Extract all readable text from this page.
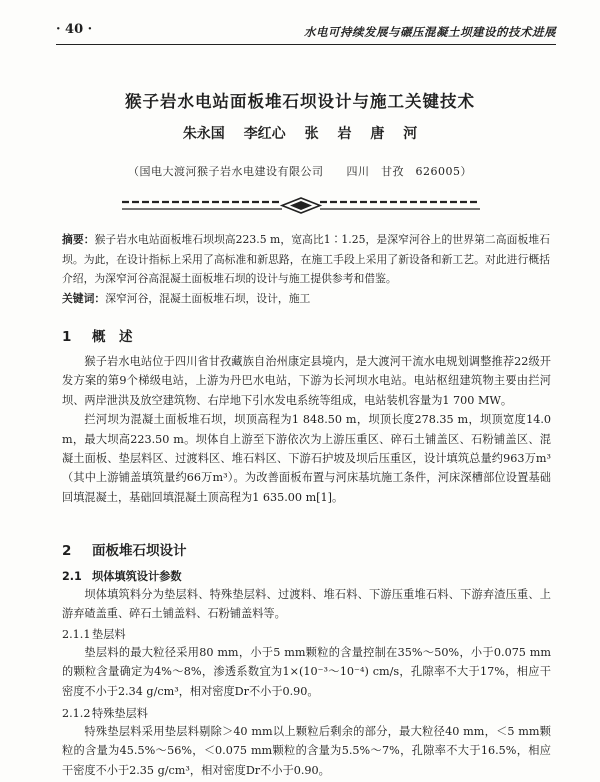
· 40 ·	水电可持续发展与碾压混凝土坝建设的技术进展
猴子岩水电站面板堆石坝设计与施工关键技术
朱永国 李红心 张 岩 唐 河
（国电大渡河猴子岩水电建设有限公司　　四川　甘孜　626005）

摘要：猴子岩水电站面板堆石坝坝高223.5 m，宽高比1∶1.25，是深窄河谷上的世界第二高面板堆石坝。为此，在设计指标上采用了高标准和新思路，在施工手段上采用了新设备和新工艺。对此进行概括介绍，为深窄河谷高混凝土面板堆石坝的设计与施工提供参考和借鉴。

关键词：深窄河谷，混凝土面板堆石坝，设计，施工

1 概　述

猴子岩水电站位于四川省甘孜藏族自治州康定县境内，是大渡河干流水电规划调整推荐22级开发方案的第9个梯级电站，上游为丹巴水电站，下游为长河坝水电站。电站枢纽建筑物主要由拦河坝、两岸泄洪及放空建筑物、右岸地下引水发电系统等组成，电站装机容量为1 700 MW。

拦河坝为混凝土面板堆石坝，坝顶高程为1 848.50 m，坝顶长度278.35 m，坝顶宽度14.0 m，最大坝高223.50 m。坝体自上游至下游依次为上游压重区、碎石土铺盖区、石粉铺盖区、混凝土面板、垫层料区、过渡料区、堆石料区、下游石护坡及坝后压重区，设计填筑总量约963万m³（其中上游铺盖填筑量约66万m³）。为改善面板布置与河床基坑施工条件，河床深槽部位设置基础回填混凝土，基础回填混凝土顶高程为1 635.00 m[1]。

2 面板堆石坝设计
2.1 坝体填筑设计参数

坝体填筑料分为垫层料、特殊垫层料、过渡料、堆石料、下游压重堆石料、下游弃渣压重、上游弃碴盖重、碎石土铺盖料、石粉铺盖料等。

2.1.1 垫层料

垫层料的最大粒径采用80 mm，小于5 mm颗粒的含量控制在35%～50%，小于0.075 mm的颗粒含量确定为4%～8%，渗透系数宜为1×(10⁻³～10⁻⁴) cm/s，孔隙率不大于17%，相应干密度不小于2.34 g/cm³，相对密度Dr不小于0.90。

2.1.2 特殊垫层料

特殊垫层料采用垫层料剔除＞40 mm以上颗粒后剩余的部分，最大粒径40 mm，＜5 mm颗粒的含量为45.5%～56%，＜0.075 mm颗粒的含量为5.5%～7%，孔隙率不大于16.5%，相应干密度不小于2.35 g/cm³，相对密度Dr不小于0.90。
